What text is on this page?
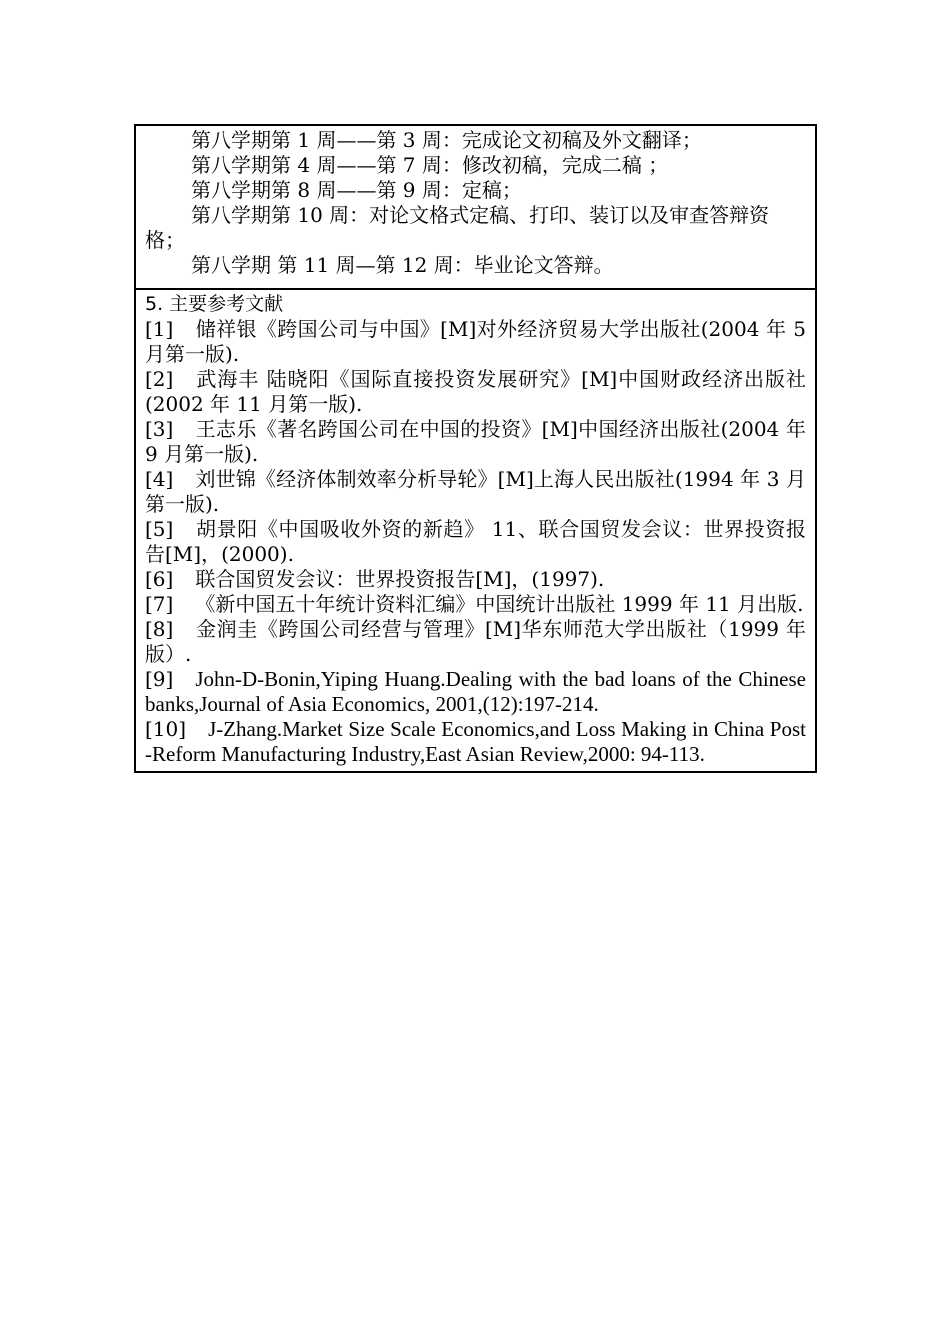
第八学期第 1 周——第 3 周：完成论文初稿及外文翻译；
第八学期第 4 周——第 7 周：修改初稿，完成二稿 ；
第八学期第 8 周——第 9 周：定稿；
第八学期第 10 周：对论文格式定稿、打印、装订以及审查答辩资格；
第八学期 第 11 周—第 12 周：毕业论文答辩。
5. 主要参考文献
[1] 储祥银《跨国公司与中国》[M]对外经济贸易大学出版社(2004 年 5 月第一版).
[2] 武海丰 陆晓阳《国际直接投资发展研究》[M]中国财政经济出版社(2002 年 11 月第一版).
[3] 王志乐《著名跨国公司在中国的投资》[M]中国经济出版社(2004 年 9 月第一版).
[4] 刘世锦《经济体制效率分析导轮》[M]上海人民出版社(1994 年 3 月第一版).
[5] 胡景阳《中国吸收外资的新趋》 11、联合国贸发会议：世界投资报告[M]，(2000).
[6] 联合国贸发会议：世界投资报告[M]，(1997).
[7] 《新中国五十年统计资料汇编》中国统计出版社 1999 年 11 月出版.
[8] 金润圭《跨国公司经营与管理》[M]华东师范大学出版社（1999 年版）.
[9] John-D-Bonin,Yiping Huang.Dealing with the bad loans of the Chinese banks,Journal of Asia Economics, 2001,(12):197-214.
[10] J-Zhang.Market Size Scale Economics,and Loss Making in China Post -Reform Manufacturing Industry,East Asian Review,2000: 94-113.
